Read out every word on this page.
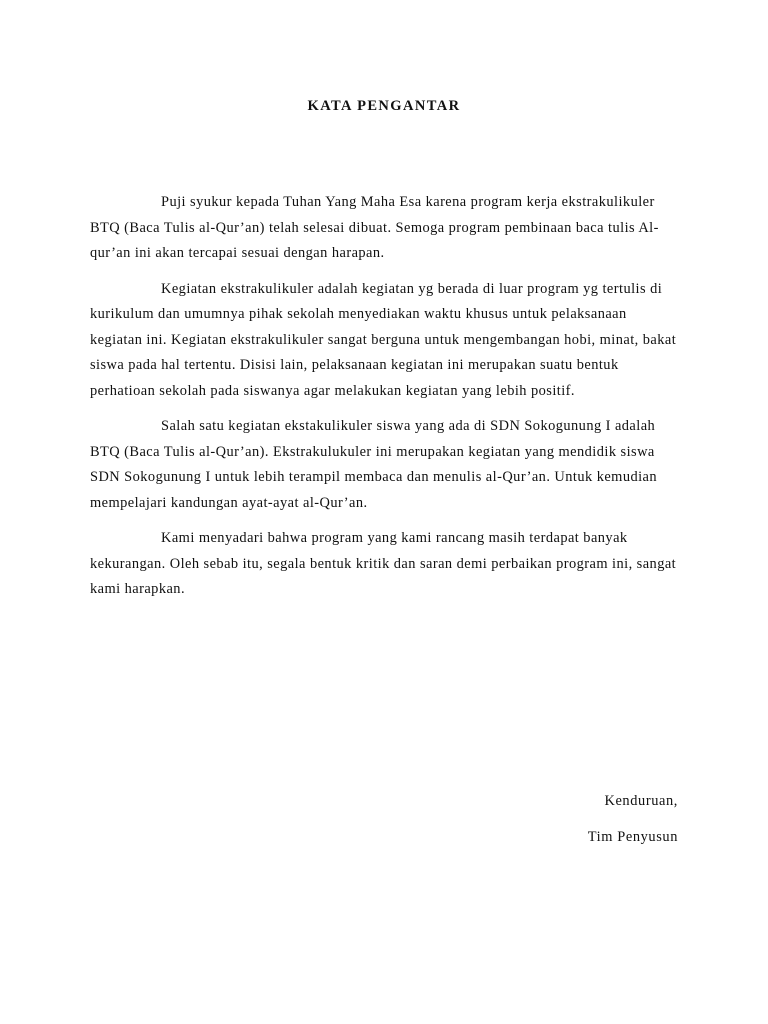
KATA PENGANTAR

Puji syukur kepada Tuhan Yang Maha Esa karena program kerja ekstrakulikuler BTQ (Baca Tulis al-Qur’an) telah selesai dibuat. Semoga program pembinaan baca tulis Al-qur’an ini akan tercapai sesuai dengan harapan.

Kegiatan ekstrakulikuler adalah kegiatan yg berada di luar program yg tertulis di kurikulum dan umumnya pihak sekolah menyediakan waktu khusus untuk pelaksanaan kegiatan ini. Kegiatan ekstrakulikuler sangat berguna untuk mengembangan hobi, minat, bakat siswa pada hal tertentu. Disisi lain, pelaksanaan kegiatan ini merupakan suatu bentuk perhatioan sekolah pada siswanya agar melakukan kegiatan yang lebih positif.

Salah satu kegiatan ekstakulikuler siswa yang ada di SDN Sokogunung I adalah BTQ (Baca Tulis al-Qur’an). Ekstrakulukuler ini merupakan kegiatan yang mendidik siswa SDN Sokogunung I untuk lebih terampil membaca dan menulis al-Qur’an. Untuk kemudian mempelajari kandungan ayat-ayat al-Qur’an.

Kami menyadari bahwa program yang kami rancang masih terdapat banyak kekurangan. Oleh sebab itu, segala bentuk kritik dan saran demi perbaikan program ini, sangat kami harapkan.

Kenduruan,
Tim Penyusun
